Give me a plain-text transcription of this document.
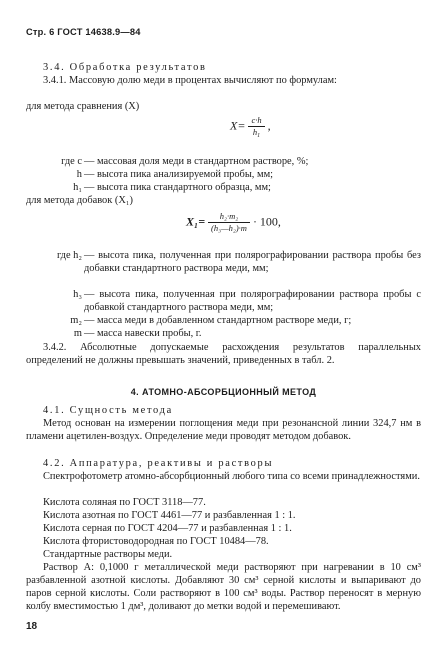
Стр. 6 ГОСТ 14638.9—84
3.4. Обработка результатов
3.4.1. Массовую долю меди в процентах вычисляют по формулам:
для метода сравнения (X)
$X= \frac{c\cdot h}{h_1}$ ,
где c — массовая доля меди в стандартном растворе, %;
h — высота пика анализируемой пробы, мм;
h₁ — высота пика стандартного образца, мм;
для метода добавок (X₁)
$X_1= \frac{\text{h₂·m₂}}{\text{(h₃—h₂)·m}} \cdot 100$,
где h₂ — высота пика, полученная при полярографировании раствора пробы без добавки стандартного раствора меди, мм;
h₃ — высота пика, полученная при полярографировании раствора пробы с добавкой стандартного раствора меди, мм;
m₂ — масса меди в добавленном стандартном растворе меди, г;
m — масса навески пробы, г.
3.4.2. Абсолютные допускаемые расхождения результатов параллельных определений не должны превышать значений, приведенных в табл. 2.
4. АТОМНО-АБСОРБЦИОННЫЙ МЕТОД
4.1. Сущность метода
Метод основан на измерении поглощения меди при резонансной линии 324,7 нм в пламени ацетилен-воздух. Определение меди проводят методом добавок.
4.2. Аппаратура, реактивы и растворы
Спектрофотометр атомно-абсорбционный любого типа со всеми принадлежностями.
Кислота соляная по ГОСТ 3118—77.
Кислота азотная по ГОСТ 4461—77 и разбавленная 1 : 1.
Кислота серная по ГОСТ 4204—77 и разбавленная 1 : 1.
Кислота фтористоводородная по ГОСТ 10484—78.
Стандартные растворы меди.
Раствор А: 0,1000 г металлической меди растворяют при нагревании в 10 см³ разбавленной азотной кислоты. Добавляют 30 см³ серной кислоты и выпаривают до паров серной кислоты. Соли растворяют в 100 см³ воды. Раствор переносят в мерную колбу вместимостью 1 дм³, доливают до метки водой и перемешивают.
18
